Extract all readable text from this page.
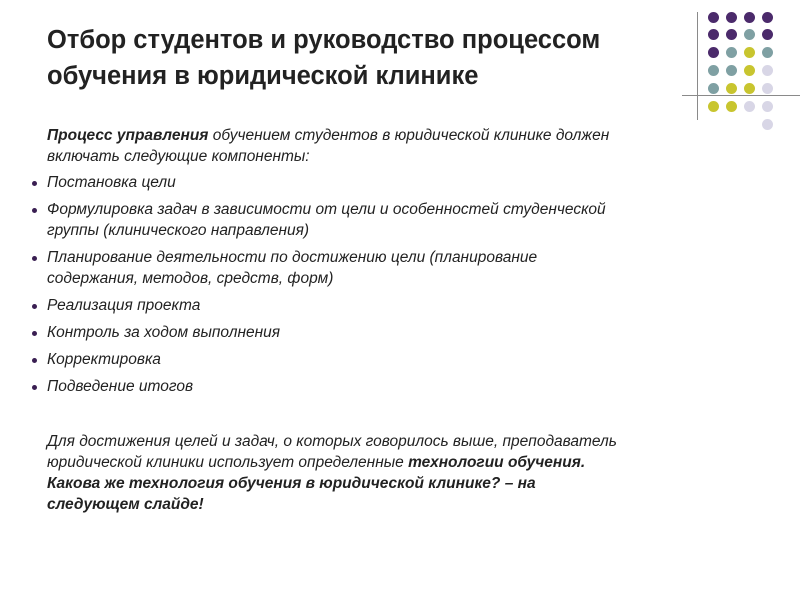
Отбор студентов и руководство процессом
обучения в юридической клинике
Процесс управления обучением студентов в юридической клинике должен
включать следующие компоненты:
Постановка цели
Формулировка задач в зависимости от цели и особенностей студенческой
группы (клинического направления)
Планирование деятельности по достижению цели (планирование
содержания, методов, средств, форм)
Реализация проекта
Контроль за ходом выполнения
Корректировка
Подведение итогов
Для достижения целей и задач, о которых говорилось выше, преподаватель
юридической клиники использует определенные технологии обучения.
Какова же технология обучения в юридической клинике? – на
следующем слайде!
